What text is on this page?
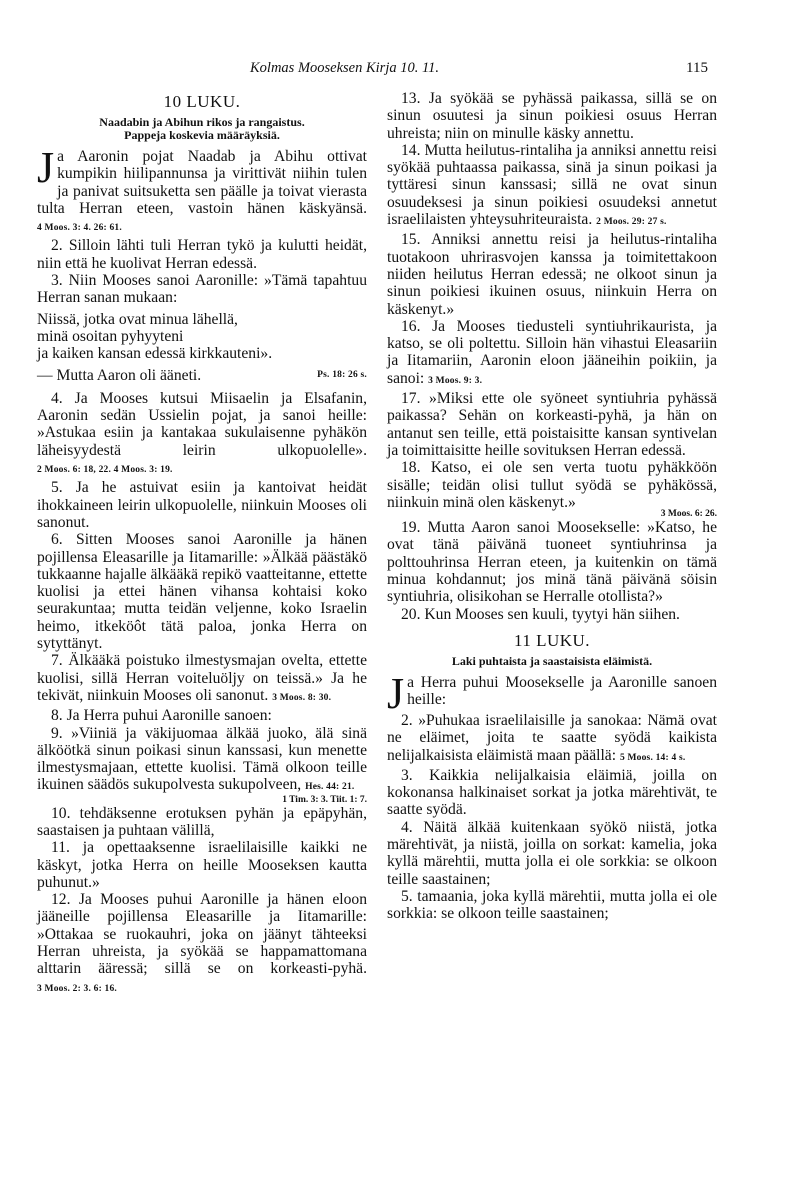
Kolmas Mooseksen Kirja 10. 11.	115
10 LUKU.
Naadabin ja Abihun rikos ja rangaistus.
Pappeja koskevia määräyksiä.

Ja Aaronin pojat Naadab ja Abihu ottivat kumpikin hiilipannunsa ja virittivät niihin tulen ja panivat suitsuketta sen päälle ja toivat vierasta tulta Herran eteen, vastoin hänen käskyänsä. 4 Moos. 3: 4. 26: 61.

2. Silloin lähti tuli Herran tykö ja kulutti heidät, niin että he kuolivat Herran edessä.

3. Niin Mooses sanoi Aaronille: »Tämä tapahtuu Herran sanan mukaan:

Niissä, jotka ovat minua lähellä,
minä osoitan pyhyyteni
ja kaiken kansan edessä kirkkauteni».

— Mutta Aaron oli ääneti.	Ps. 18: 26 s.

4. Ja Mooses kutsui Miisaelin ja Elsafanin, Aaronin sedän Ussielin pojat, ja sanoi heille: »Astukaa esiin ja kantakaa sukulaisenne pyhäkön läheisyydestä leirin ulkopuolelle». 2 Moos. 6: 18, 22. 4 Moos. 3: 19.

5. Ja he astuivat esiin ja kantoivat heidät ihokkaineen leirin ulkopuolelle, niinkuin Mooses oli sanonut.

6. Sitten Mooses sanoi Aaronille ja hänen pojillensa Eleasarille ja Iitamarille: »Älkää päästäkö tukkaanne hajalle älkääkä repikö vaatteitanne, ettette kuolisi ja ettei hänen vihansa kohtaisi koko seurakuntaa; mutta teidän veljenne, koko Israelin heimo, itkeköôt tätä paloa, jonka Herra on sytyttänyt.

7. Älkääkä poistuko ilmestysmajan ovelta, ettette kuolisi, sillä Herran voiteluöljy on teissä.» Ja he tekivät, niinkuin Mooses oli sanonut. 3 Moos. 8: 30.

8. Ja Herra puhui Aaronille sanoen:

9. »Viiniä ja väkijuomaa älkää juoko, älä sinä älköötkä sinun poikasi sinun kanssasi, kun menette ilmestysmajaan, ettette kuolisi. Tämä olkoon teille ikuinen säädös sukupolvesta sukupolveen, Hes. 44: 21.

1 Tim. 3: 3. Tiit. 1: 7.

10. tehdäksenne erotuksen pyhän ja epäpyhän, saastaisen ja puhtaan välillä,

11. ja opettaaksenne israelilaisille kaikki ne käskyt, jotka Herra on heille Mooseksen kautta puhunut.»

12. Ja Mooses puhui Aaronille ja hänen eloon jääneille pojillensa Eleasarille ja Iitamarille: »Ottakaa se ruokauhri, joka on jäänyt tähteeksi Herran uhreista, ja syökää se happamattomana alttarin ääressä; sillä se on korkeasti-pyhä. 3 Moos. 2: 3. 6: 16.

13. Ja syökää se pyhässä paikassa, sillä se on sinun osuutesi ja sinun poikiesi osuus Herran uhreista; niin on minulle käsky annettu.

14. Mutta heilutus-rintaliha ja anniksi annettu reisi syökää puhtaassa paikassa, sinä ja sinun poikasi ja tyttäresi sinun kanssasi; sillä ne ovat sinun osuudeksesi ja sinun poikiesi osuudeksi annetut israelilaisten yhteysuhriteuraista. 2 Moos. 29: 27 s.

15. Anniksi annettu reisi ja heilutus-rintaliha tuotakoon uhrirasvojen kanssa ja toimitettakoon niiden heilutus Herran edessä; ne olkoot sinun ja sinun poikiesi ikuinen osuus, niinkuin Herra on käskenyt.»

16. Ja Mooses tiedusteli syntiuhrikaurista, ja katso, se oli poltettu. Silloin hän vihastui Eleasariin ja Iitamariin, Aaronin eloon jääneihin poikiin, ja sanoi: 3 Moos. 9: 3.

17. »Miksi ette ole syöneet syntiuhria pyhässä paikassa? Sehän on korkeasti-pyhä, ja hän on antanut sen teille, että poistaisitte kansan syntivelan ja toimittaisitte heille sovituksen Herran edessä.

18. Katso, ei ole sen verta tuotu pyhäkköön sisälle; teidän olisi tullut syödä se pyhäkössä, niinkuin minä olen käskenyt.»

3 Moos. 6: 26.

19. Mutta Aaron sanoi Moosekselle: »Katso, he ovat tänä päivänä tuoneet syntiuhrinsa ja polttouhrinsa Herran eteen, ja kuitenkin on tämä minua kohdannut; jos minä tänä päivänä söisin syntiuhria, olisikohan se Herralle otollista?»

20. Kun Mooses sen kuuli, tyytyi hän siihen.

11 LUKU.
Laki puhtaista ja saastaisista eläimistä.

Ja Herra puhui Moosekselle ja Aaronille sanoen heille:

2. »Puhukaa israelilaisille ja sanokaa: Nämä ovat ne eläimet, joita te saatte syödä kaikista nelijalkaisista eläimistä maan päällä: 5 Moos. 14: 4 s.

3. Kaikkia nelijalkaisia eläimiä, joilla on kokonansa halkinaiset sorkat ja jotka märehtivät, te saatte syödä.

4. Näitä älkää kuitenkaan syökö niistä, jotka märehtivät, ja niistä, joilla on sorkat: kamelia, joka kyllä märehtii, mutta jolla ei ole sorkkia: se olkoon teille saastainen;

5. tamaania, joka kyllä märehtii, mutta jolla ei ole sorkkia: se olkoon teille saastainen;
